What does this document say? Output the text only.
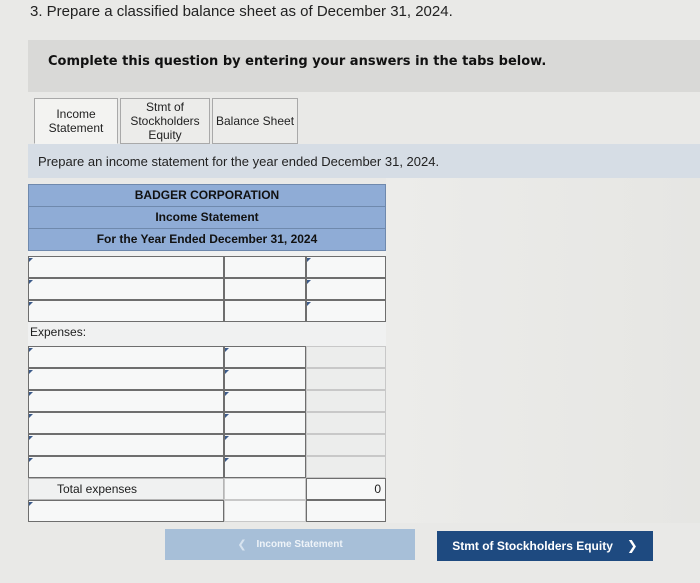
3. Prepare a classified balance sheet as of December 31, 2024.
Complete this question by entering your answers in the tabs below.
Income
Statement
Stmt of
Stockholders
Equity
Balance Sheet
Prepare an income statement for the year ended December 31, 2024.
BADGER CORPORATION
Income Statement
For the Year Ended December 31, 2024
Expenses:
Total expenses	0
❮ Income Statement	Stmt of Stockholders Equity ❯
